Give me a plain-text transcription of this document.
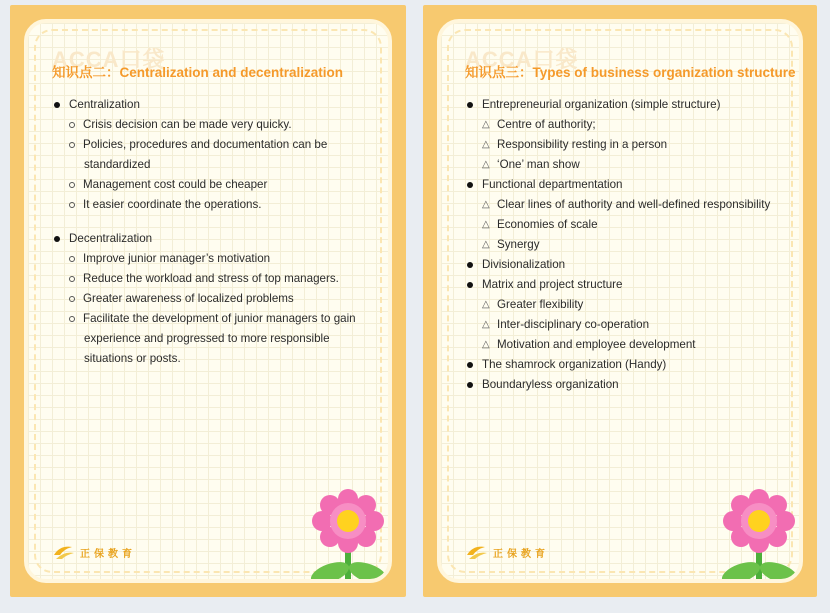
ACCA口袋
知识点二：Centralization and decentralization
Centralization
Crisis decision can be made very quicky.
Policies, procedures and documentation can be
standardized
Management cost could be cheaper
It easier coordinate the operations.
Decentralization
Improve junior manager’s motivation
Reduce the workload and stress of top managers.
Greater awareness of localized problems
Facilitate the development of junior managers to gain
experience and progressed to more responsible
situations or posts.
正保教育
ACCA口袋
知识点三：Types of business organization structure
Entrepreneurial organization (simple structure)
△ Centre of authority;
△ Responsibility resting in a person
△ ‘One’ man show
Functional departmentation
△ Clear lines of authority and well-defined responsibility
△ Economies of scale
△ Synergy
Divisionalization
Matrix and project structure
△ Greater flexibility
△ Inter-disciplinary co-operation
△ Motivation and employee development
The shamrock organization (Handy)
Boundaryless organization
正保教育
